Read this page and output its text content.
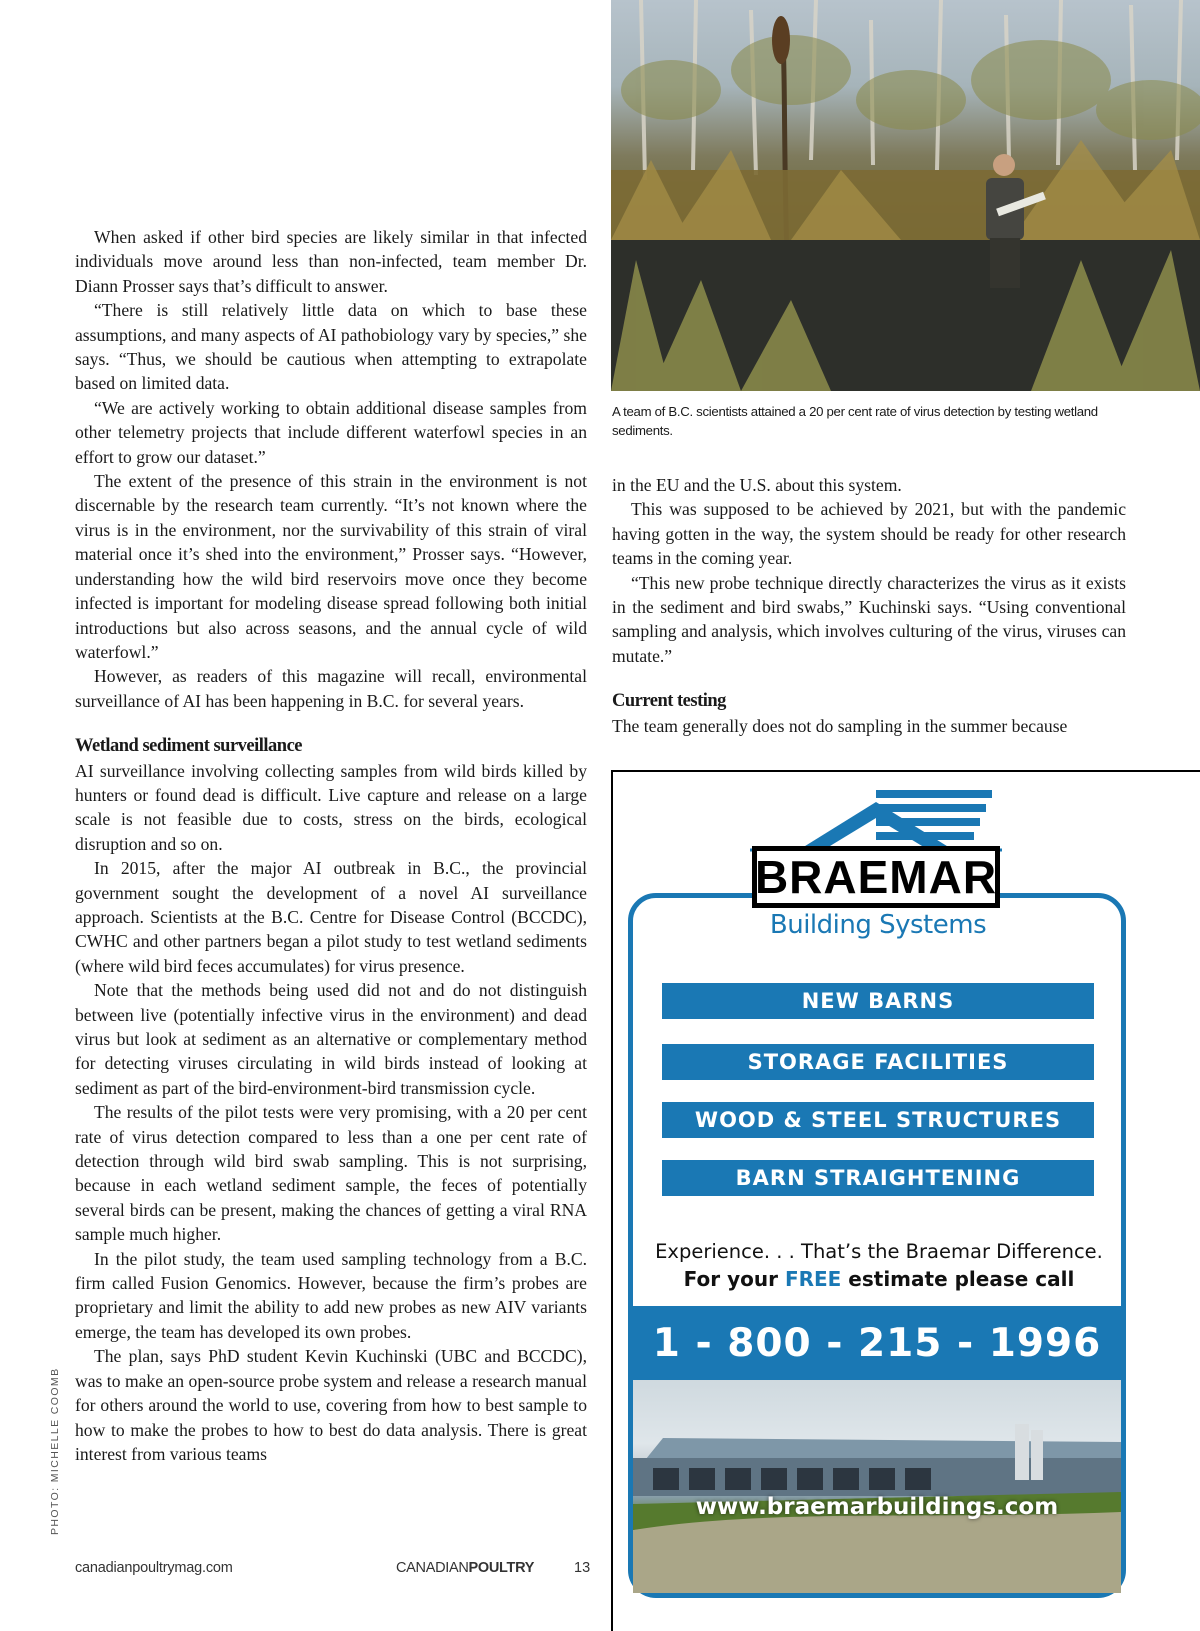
A team of B.C. scientists attained a 20 per cent rate of virus detection by testing wetland sediments.
PHOTO: MICHELLE COOMB

When asked if other bird species are likely similar in that infected individuals move around less than non-infected, team member Dr. Diann Prosser says that’s difficult to answer.

“There is still relatively little data on which to base these assumptions, and many aspects of AI pathobiology vary by species,” she says. “Thus, we should be cautious when attempting to extrapolate based on limited data.

“We are actively working to obtain additional disease samples from other telemetry projects that include different waterfowl species in an effort to grow our dataset.”

The extent of the presence of this strain in the environment is not discernable by the research team currently. “It’s not known where the virus is in the environment, nor the survivability of this strain of viral material once it’s shed into the environment,” Prosser says. “However, understanding how the wild bird reservoirs move once they become infected is important for modeling disease spread following both initial introductions but also across seasons, and the annual cycle of wild waterfowl.”

However, as readers of this magazine will recall, environmental surveillance of AI has been happening in B.C. for several years.

Wetland sediment surveillance

AI surveillance involving collecting samples from wild birds killed by hunters or found dead is difficult. Live capture and release on a large scale is not feasible due to costs, stress on the birds, ecological disruption and so on.

In 2015, after the major AI outbreak in B.C., the provincial government sought the development of a novel AI surveillance approach. Scientists at the B.C. Centre for Disease Control (BCCDC), CWHC and other partners began a pilot study to test wetland sediments (where wild bird feces accumulates) for virus presence.

Note that the methods being used did not and do not distinguish between live (potentially infective virus in the environment) and dead virus but look at sediment as an alternative or complementary method for detecting viruses circulating in wild birds instead of looking at sediment as part of the bird-environment-bird transmission cycle.

The results of the pilot tests were very promising, with a 20 per cent rate of virus detection compared to less than a one per cent rate of detection through wild bird swab sampling. This is not surprising, because in each wetland sediment sample, the feces of potentially several birds can be present, making the chances of getting a viral RNA sample much higher.

In the pilot study, the team used sampling technology from a B.C. firm called Fusion Genomics. However, because the firm’s probes are proprietary and limit the ability to add new probes as new AIV variants emerge, the team has developed its own probes.

The plan, says PhD student Kevin Kuchinski (UBC and BCCDC), was to make an open-source probe system and release a research manual for others around the world to use, covering from how to best sample to how to make the probes to how to best do data analysis. There is great interest from various teams

in the EU and the U.S. about this system.

This was supposed to be achieved by 2021, but with the pandemic having gotten in the way, the system should be ready for other research teams in the coming year.

“This new probe technique directly characterizes the virus as it exists in the sediment and bird swabs,” Kuchinski says. “Using conventional sampling and analysis, which involves culturing of the virus, viruses can mutate.”

Current testing

The team generally does not do sampling in the summer because

canadianpoultrymag.com	CANADIANPOULTRY	13
BRAEMAR
Building Systems
NEW BARNS
STORAGE FACILITIES
WOOD & STEEL STRUCTURES
BARN STRAIGHTENING
Experience. . . That’s the Braemar Difference.
For your FREE estimate please call
1 - 800 - 215 - 1996
www.braemarbuildings.com
